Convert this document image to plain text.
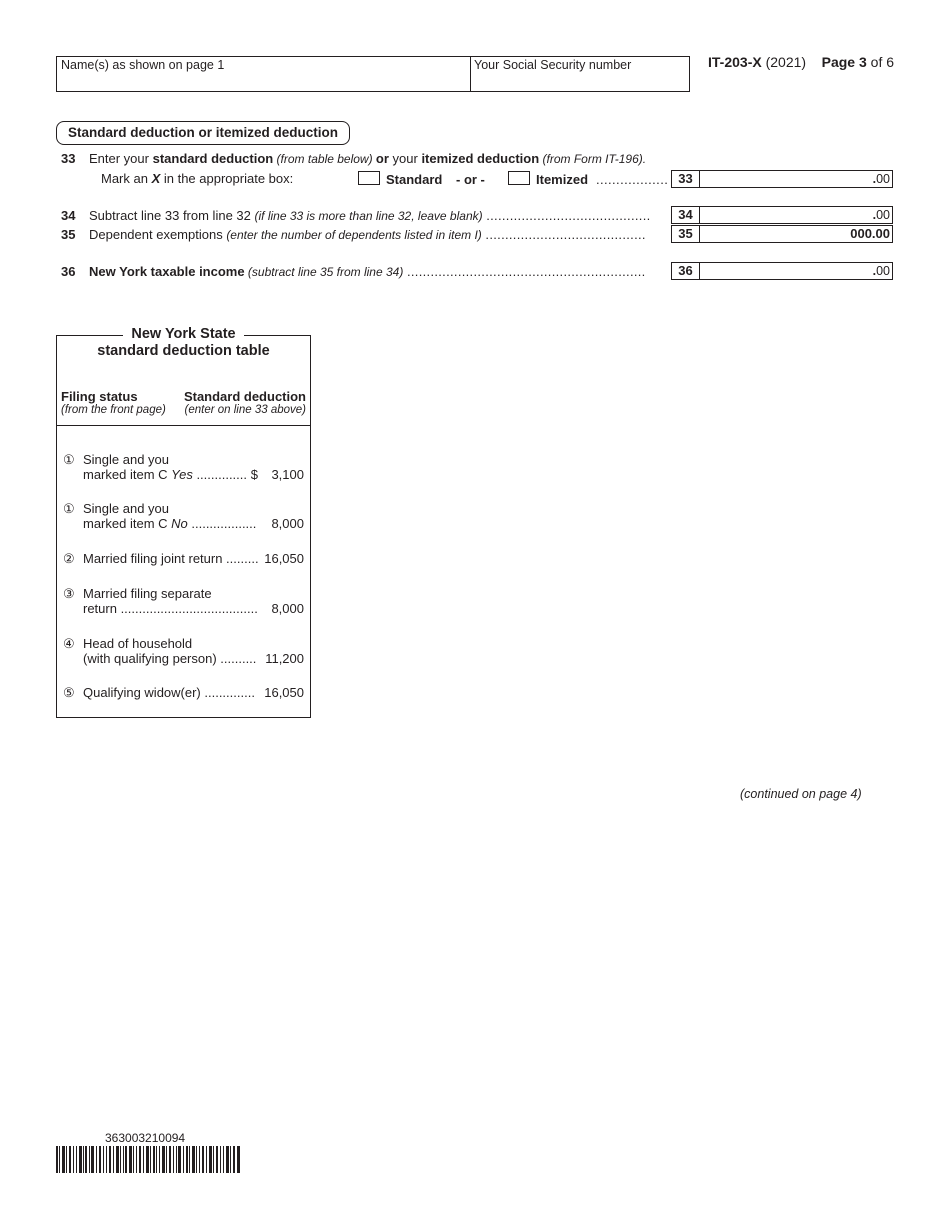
Name(s) as shown on page 1	Your Social Security number	IT-203-X (2021) Page 3 of 6
Standard deduction or itemized deduction
33 Enter your standard deduction (from table below) or your itemized deduction (from Form IT-196).
Mark an X in the appropriate box:	Standard - or -	Itemized .................. 33	.00
34 Subtract line 33 from line 32 (if line 33 is more than line 32, leave blank) ..........................................	34	.00
35 Dependent exemptions (enter the number of dependents listed in item I) .........................................	35	000.00
36 New York taxable income (subtract line 35 from line 34) .............................................................	36	.00
New York State
standard deduction table
Filing status
(from the front page)
Standard deduction
(enter on line 33 above)
① Single and you
marked item C Yes .............. $ 3,100
① Single and you
marked item C No .................. 8,000
② Married filing joint return ......... 16,050
③ Married filing separate
return ...................................... 8,000
④ Head of household
(with qualifying person) .......... 11,200
⑤ Qualifying widow(er) .............. 16,050
(continued on page 4)
363003210094
